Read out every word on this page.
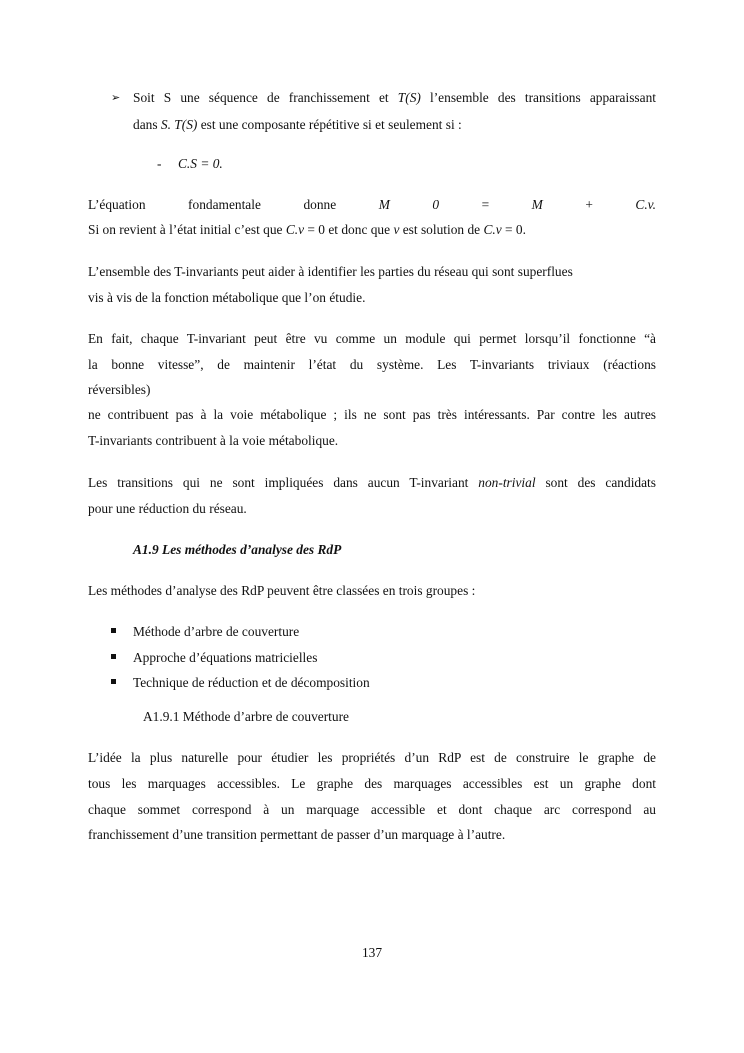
➢ Soit S une séquence de franchissement et T(S) l’ensemble des transitions apparaissant
dans S. T(S) est une composante répétitive si et seulement si :
- C.S = 0.
L’équation	fondamentale	donne	M	0	=	M	+	C.v.
Si on revient à l’état initial c’est que C.v = 0 et donc que v est solution de C.v = 0.
L’ensemble des T-invariants peut aider à identifier les parties du réseau qui sont superflues
vis à vis de la fonction métabolique que l’on étudie.
En fait, chaque T-invariant peut être vu comme un module qui permet lorsqu’il fonctionne “à
la bonne vitesse”, de maintenir l’état du système. Les T-invariants triviaux (réactions
réversibles)
ne contribuent pas à la voie métabolique ; ils ne sont pas très intéressants. Par contre les autres
T-invariants contribuent à la voie métabolique.
Les transitions qui ne sont impliquées dans aucun T-invariant non-trivial sont des candidats
pour une réduction du réseau.
A1.9 Les méthodes d’analyse des RdP
Les méthodes d’analyse des RdP peuvent être classées en trois groupes :
Méthode d’arbre de couverture
Approche d’équations matricielles
Technique de réduction et de décomposition
A1.9.1 Méthode d’arbre de couverture
L’idée la plus naturelle pour étudier les propriétés d’un RdP est de construire le graphe de
tous les marquages accessibles. Le graphe des marquages accessibles est un graphe dont
chaque sommet correspond à un marquage accessible et dont chaque arc correspond au
franchissement d’une transition permettant de passer d’un marquage à l’autre.
137
